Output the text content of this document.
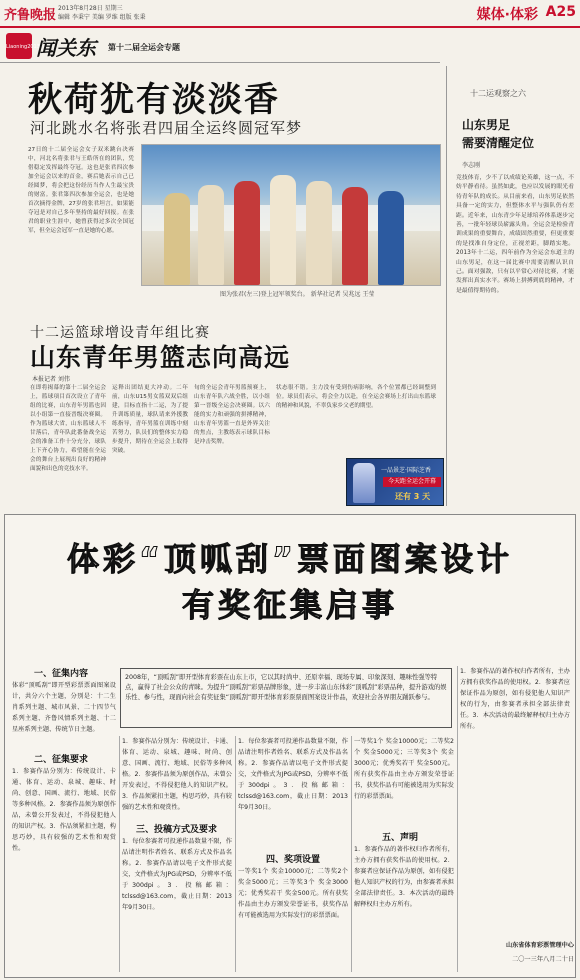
齐鲁晚报 2013年8月28日 星期三
编辑 李秉宁 美编 罗维 组版 张秉	媒体·体彩 A25
Liaoning2013
闻关东 第十二届全运会专题
秋荷犹有淡淡香
河北跳水名将张君四届全运终圆冠军梦
27日的十二届全运会女子双米跳台决赛中，河北名将张君与王皓所在的团队，凭借稳定发挥最终夺冠。这也是张君四次参加全运会以来的首金，赛后她表示自己已经圆梦，将会把这份经历当作人生最宝贵的财富。张君第四次参加全运会，也是她首次摘得金牌，27岁的张君坦言，如果能夺冠是对自己多年坚持的最好回报。在张君的职业生涯中，她曾获得过多次全国冠军，但全运会冠军一直是她的心愿。
图为张君(左三)登上冠军领奖台。 新华社记者 吴兆远 王莹
十二运篮球增设青年组比赛
山东青年男篮志向高远
本报记者 刘伟
在即将揭幕的第十二届全运会上，篮球项目首次设立了青年组的比赛，山东青年男篮也因以小组第一直接晋级决赛圈。作为篮球大省，山东篮球人不甘落后，青年队此番备战全运会的准备工作十分充分，球队上下齐心协力，希望能在全运会的舞台上展现出良好的精神面貌和出色的竞技水平。
运释出团结更大冲动。二年前，山东U15男女篮双双后组建，目标直指十二运，为了提升训练质量，球队请来外援教练指导，青年男篮在训练中刻苦努力，队员们的整体实力稳步提升，期待在全运会上取得突破。
旬的全运会青年男篮预赛上，山东青年队六战全胜，以小组第一晋级全运会决赛圈。以六能的实力和顽强的拼搏精神，山东青年男篮一直是外界关注的焦点，主教练表示球队目标是冲击奖牌。
状态很不错。主力没有受到伤病影响，各个位置都已经调整到位。球员们表示，将会全力以赴，在全运会赛场上打出山东篮球的精神和风貌，不辜负家乡父老的期望。
一品景芝·国际芝香
今天距全运会开幕
还有 3 天
十二运观察之六
山东男足
需要清醒定位
李志刚
竞技体育，少不了以成绩论英雄，这一点，不妨平静看待。虽然如此，也应以发展的眼光看待青年队的成长。从目前来看，山东男足依然具备一定的实力，但整体水平与强队仍有差距。近年来，山东青少年足球培养体系逐步完善，一批年轻球员崭露头角。全运会是检验青训成果的重要舞台，成绩固然重要，但更重要的是找准自身定位，正视差距，脚踏实地。2013年十二运，四年前作为全运会东道主的山东男足，在这一届比赛中需要清醒认识自己。面对强敌，只有以平常心对待比赛，才能发挥出真实水平。赛场上拼搏到底的精神，才是最值得期待的。
体彩“顶呱刮”票面图案设计
有奖征集启事
2008年，“顶呱刮”即开型体育彩票在山东上市，它以其时尚中、还原幸福、现场专属、印象深刻、趣味性强等特点，赢得了社会公众的青睐。为提升“顶呱刮”彩票品牌形象，进一步丰富山东体彩“顶呱刮”彩票品种，提升游戏的娱乐性、参与性，现面向社会有奖征集“顶呱刮”即开型体育彩票票面图案设计作品，欢迎社会各界朋友踊跃参与。
一、征集内容
体彩“顶呱刮”即开型彩票票面图案设计，共分六个主题，分别是：十二生肖系列主题、城市风景、二十四节气系列主题、齐鲁风情系列主题、十二星座系列主题、传统节日主题。
二、征集要求
1．参赛作品分别为：传统设计、卡通、体育、运动、泉城、趣味、时尚、创意、国画、流行、地域、民俗等多种风格。2．参赛作品须为原创作品，未曾公开发表过，不得侵犯他人的知识产权。3．作品须紧扣主题，构思巧妙，具有较强的艺术性和观赏性。
1．参赛作品分别为：传统设计、卡通、体育、运动、泉城、趣味、时尚、创意、国画、流行、地域、民俗等多种风格。2．参赛作品须为原创作品，未曾公开发表过，不得侵犯他人的知识产权。3．作品须紧扣主题，构思巧妙，具有较强的艺术性和观赏性。
三、投稿方式及要求
1．每位参赛者可投递作品数量不限，作品请注明作者姓名、联系方式及作品名称。2．参赛作品请以电子文件形式提交，文件格式为JPG或PSD，分辨率不低于300dpi。3．投稿邮箱：tclssd@163.com，截止日期：2013年9月30日。
1．每位参赛者可投递作品数量不限，作品请注明作者姓名、联系方式及作品名称。2．参赛作品请以电子文件形式提交，文件格式为JPG或PSD，分辨率不低于300dpi。3．投稿邮箱：tclssd@163.com，截止日期：2013年9月30日。
四、奖项设置
一等奖1个 奖金10000元；二等奖2个 奖金5000元；三等奖3个 奖金3000元；优秀奖若干 奖金500元。所有获奖作品由主办方颁发荣誉证书，获奖作品有可能被选用为实际发行的彩票票面。
一等奖1个 奖金10000元；二等奖2个 奖金5000元；三等奖3个 奖金3000元；优秀奖若干 奖金500元。所有获奖作品由主办方颁发荣誉证书，获奖作品有可能被选用为实际发行的彩票票面。
五、声明
1．参赛作品的著作权归作者所有，主办方拥有获奖作品的使用权。2．参赛者应保证作品为原创，如有侵犯他人知识产权的行为，由参赛者承担全部法律责任。3．本次活动的最终解释权归主办方所有。
1．参赛作品的著作权归作者所有，主办方拥有获奖作品的使用权。2．参赛者应保证作品为原创，如有侵犯他人知识产权的行为，由参赛者承担全部法律责任。3．本次活动的最终解释权归主办方所有。
山东省体育彩票管理中心
二〇一三年八月二十日
